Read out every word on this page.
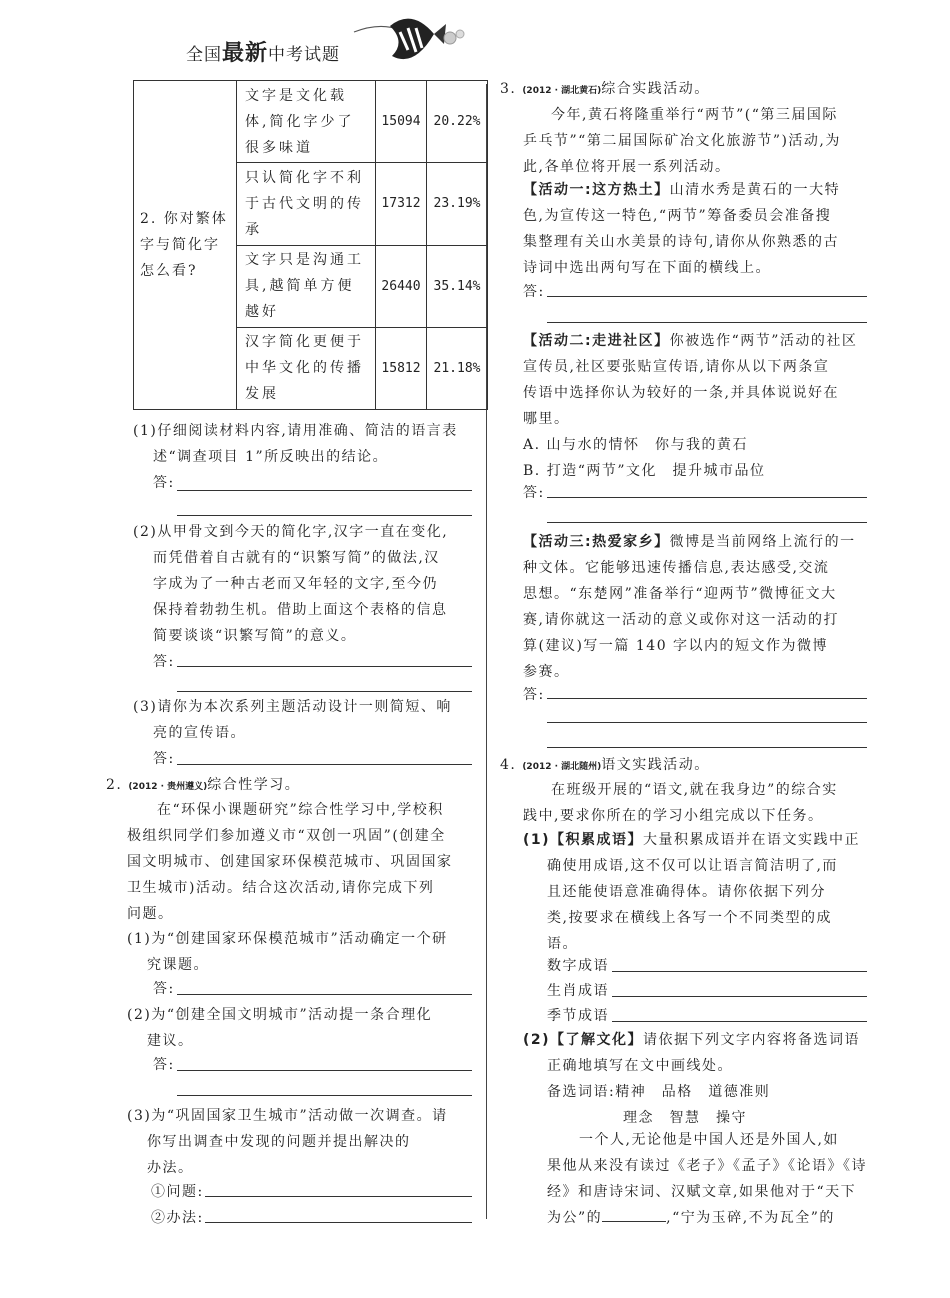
全国最新中考试题
2. 你对繁体字与简化字怎么看?	文字是文化载体,简化字少了很多味道	15094	20.22%
	只认简化字不利于古代文明的传承	17312	23.19%
	文字只是沟通工具,越简单方便越好	26440	35.14%
	汉字简化更便于中华文化的传播发展	15812	21.18%
(1)仔细阅读材料内容,请用准确、简洁的语言表
述“调查项目 1”所反映出的结论。
答:
(2)从甲骨文到今天的简化字,汉字一直在变化,
而凭借着自古就有的“识繁写简”的做法,汉
字成为了一种古老而又年轻的文字,至今仍
保持着勃勃生机。借助上面这个表格的信息
简要谈谈“识繁写简”的意义。
答:
(3)请你为本次系列主题活动设计一则简短、响
亮的宣传语。
答:
2. (2012 · 贵州遵义)综合性学习。
在“环保小课题研究”综合性学习中,学校积
极组织同学们参加遵义市“双创一巩固”(创建全
国文明城市、创建国家环保模范城市、巩固国家
卫生城市)活动。结合这次活动,请你完成下列
问题。
(1)为“创建国家环保模范城市”活动确定一个研
究课题。
答:
(2)为“创建全国文明城市”活动提一条合理化
建议。
答:
(3)为“巩固国家卫生城市”活动做一次调查。请
你写出调查中发现的问题并提出解决的
办法。
①问题:
②办法:
3. (2012 · 湖北黄石)综合实践活动。
今年,黄石将隆重举行“两节”(“第三届国际
乒乓节”“第二届国际矿冶文化旅游节”)活动,为
此,各单位将开展一系列活动。
【活动一:这方热土】山清水秀是黄石的一大特
色,为宣传这一特色,“两节”筹备委员会准备搜
集整理有关山水美景的诗句,请你从你熟悉的古
诗词中选出两句写在下面的横线上。
答:
【活动二:走进社区】你被选作“两节”活动的社区
宣传员,社区要张贴宣传语,请你从以下两条宣
传语中选择你认为较好的一条,并具体说说好在
哪里。
A. 山与水的情怀　你与我的黄石
B. 打造“两节”文化　提升城市品位
答:
【活动三:热爱家乡】微博是当前网络上流行的一
种文体。它能够迅速传播信息,表达感受,交流
思想。“东楚网”准备举行“迎两节”微博征文大
赛,请你就这一活动的意义或你对这一活动的打
算(建议)写一篇 140 字以内的短文作为微博
参赛。
答:
4. (2012 · 湖北随州)语文实践活动。
在班级开展的“语文,就在我身边”的综合实
践中,要求你所在的学习小组完成以下任务。
(1)【积累成语】大量积累成语并在语文实践中正
确使用成语,这不仅可以让语言简洁明了,而
且还能使语意准确得体。请你依据下列分
类,按要求在横线上各写一个不同类型的成
语。
数字成语
生肖成语
季节成语
(2)【了解文化】请依据下列文字内容将备选词语
正确地填写在文中画线处。
备选词语:精神　品格　道德准则
理念　智慧　操守
一个人,无论他是中国人还是外国人,如
果他从来没有读过《老子》《孟子》《论语》《诗
经》和唐诗宋词、汉赋文章,如果他对于“天下
为公”的	,“宁为玉碎,不为瓦全”的
